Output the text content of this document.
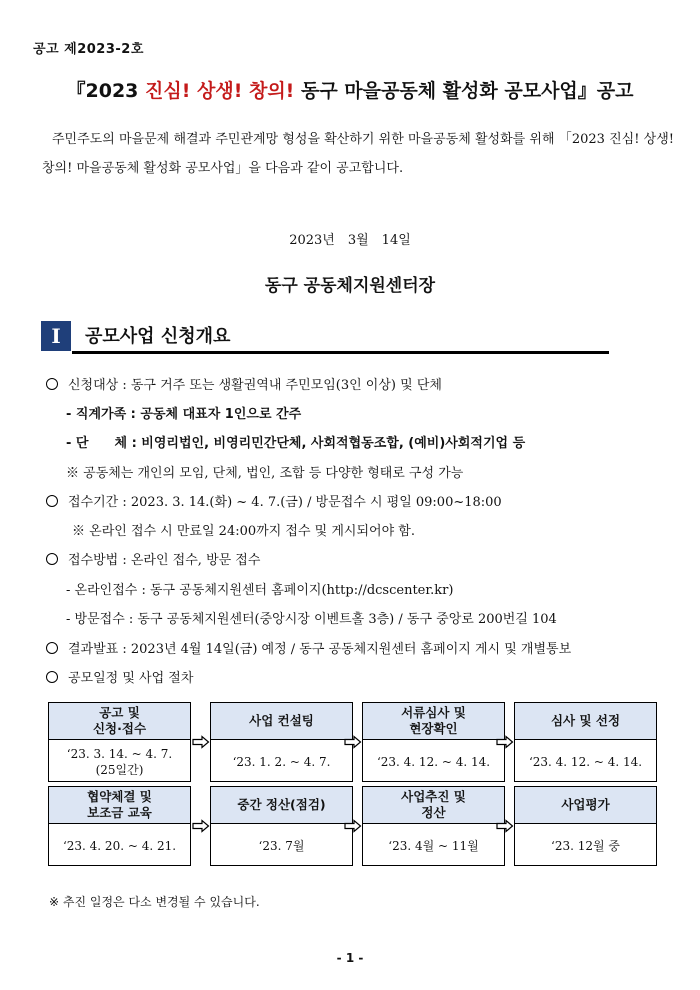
공고 제2023-2호
『2023 진심! 상생! 창의! 동구 마을공동체 활성화 공모사업』공고
주민주도의 마을문제 해결과 주민관계망 형성을 확산하기 위한 마을공동체 활성화를 위해 「2023 진심! 상생! 창의! 마을공동체 활성화 공모사업」을 다음과 같이 공고합니다.
2023년　3월　14일
동구 공동체지원센터장
I	공모사업 신청개요
신청대상 : 동구 거주 또는 생활권역내 주민모임(3인 이상) 및 단체
- 직계가족 : 공동체 대표자 1인으로 간주
- 단　　체 : 비영리법인, 비영리민간단체, 사회적협동조합, (예비)사회적기업 등
※ 공동체는 개인의 모임, 단체, 법인, 조합 등 다양한 형태로 구성 가능
접수기간 : 2023. 3. 14.(화) ~ 4. 7.(금) / 방문접수 시 평일 09:00~18:00
※ 온라인 접수 시 만료일 24:00까지 접수 및 게시되어야 함.
접수방법 : 온라인 접수, 방문 접수
- 온라인접수 : 동구 공동체지원센터 홈페이지(http://dcscenter.kr)
- 방문접수 : 동구 공동체지원센터(중앙시장 이벤트홀 3층) / 동구 중앙로 200번길 104
결과발표 : 2023년 4월 14일(금) 예정 / 동구 공동체지원센터 홈페이지 게시 및 개별통보
공모일정 및 사업 절차
공고 및
신청·접수
‘23. 3. 14. ~ 4. 7.
(25일간)
사업 컨설팅
‘23. 1. 2. ~ 4. 7.
서류심사 및
현장확인
‘23. 4. 12. ~ 4. 14.
심사 및 선정
‘23. 4. 12. ~ 4. 14.
협약체결 및
보조금 교육
‘23. 4. 20. ~ 4. 21.
중간 정산(점검)
‘23. 7월
사업추진 및
정산
‘23. 4월 ~ 11월
사업평가
‘23. 12월 중
※ 추진 일정은 다소 변경될 수 있습니다.
- 1 -
